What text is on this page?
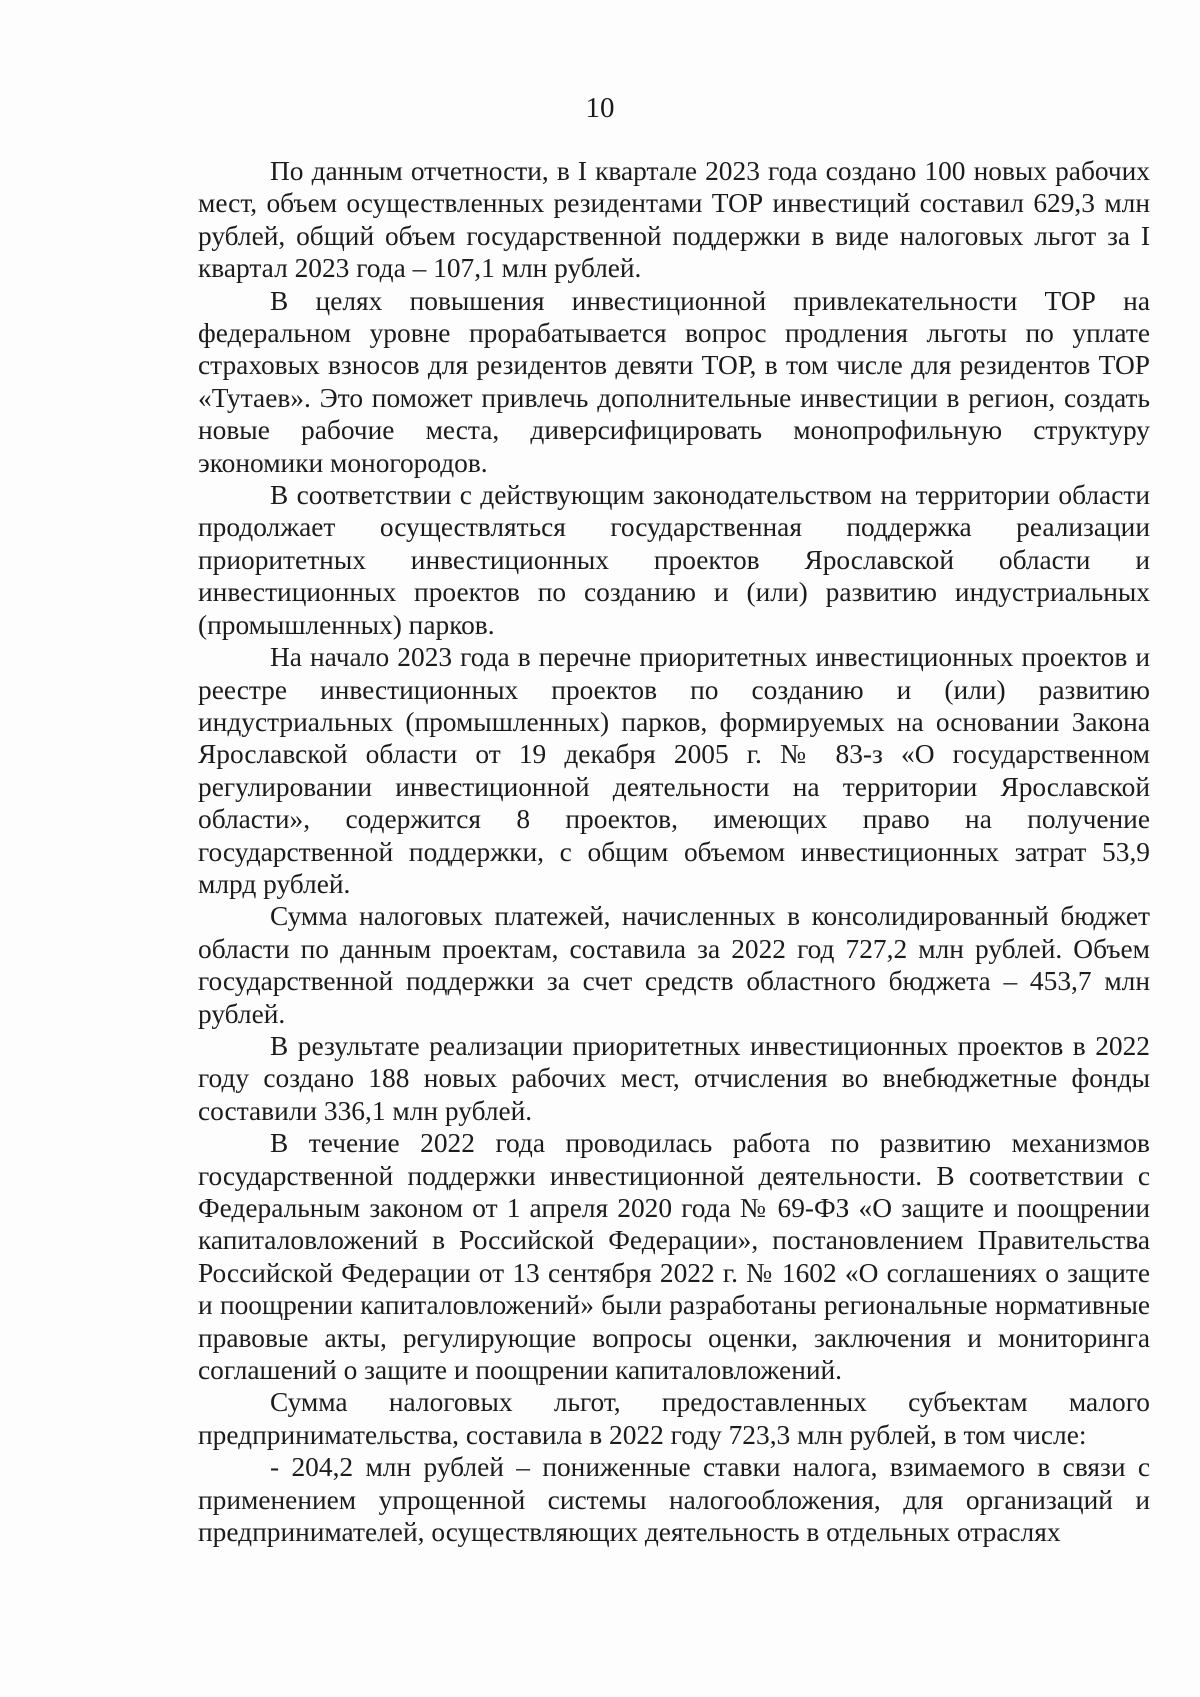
10

По данным отчетности, в I квартале 2023 года создано 100 новых рабочих мест, объем осуществленных резидентами ТОР инвестиций составил 629,3 млн рублей, общий объем государственной поддержки в виде налоговых льгот за I квартал 2023 года – 107,1 млн рублей.

В целях повышения инвестиционной привлекательности ТОР на федеральном уровне прорабатывается вопрос продления льготы по уплате страховых взносов для резидентов девяти ТОР, в том числе для резидентов ТОР «Тутаев». Это поможет привлечь дополнительные инвестиции в регион, создать новые рабочие места, диверсифицировать монопрофильную структуру экономики моногородов.

В соответствии с действующим законодательством на территории области продолжает осуществляться государственная поддержка реализации приоритетных инвестиционных проектов Ярославской области и инвестиционных проектов по созданию и (или) развитию индустриальных (промышленных) парков.

На начало 2023 года в перечне приоритетных инвестиционных проектов и реестре инвестиционных проектов по созданию и (или) развитию индустриальных (промышленных) парков, формируемых на основании Закона Ярославской области от 19 декабря 2005 г. № 83-з «О государственном регулировании инвестиционной деятельности на территории Ярославской области», содержится 8 проектов, имеющих право на получение государственной поддержки, с общим объемом инвестиционных затрат 53,9 млрд рублей.

Сумма налоговых платежей, начисленных в консолидированный бюджет области по данным проектам, составила за 2022 год 727,2 млн рублей. Объем государственной поддержки за счет средств областного бюджета – 453,7 млн рублей.

В результате реализации приоритетных инвестиционных проектов в 2022 году создано 188 новых рабочих мест, отчисления во внебюджетные фонды составили 336,1 млн рублей.

В течение 2022 года проводилась работа по развитию механизмов государственной поддержки инвестиционной деятельности. В соответствии с Федеральным законом от 1 апреля 2020 года № 69-ФЗ «О защите и поощрении капиталовложений в Российской Федерации», постановлением Правительства Российской Федерации от 13 сентября 2022 г. № 1602 «О соглашениях о защите и поощрении капиталовложений» были разработаны региональные нормативные правовые акты, регулирующие вопросы оценки, заключения и мониторинга соглашений о защите и поощрении капиталовложений.

Сумма налоговых льгот, предоставленных субъектам малого предпринимательства, составила в 2022 году 723,3 млн рублей, в том числе:

- 204,2 млн рублей – пониженные ставки налога, взимаемого в связи с применением упрощенной системы налогообложения, для организаций и предпринимателей, осуществляющих деятельность в отдельных отраслях
